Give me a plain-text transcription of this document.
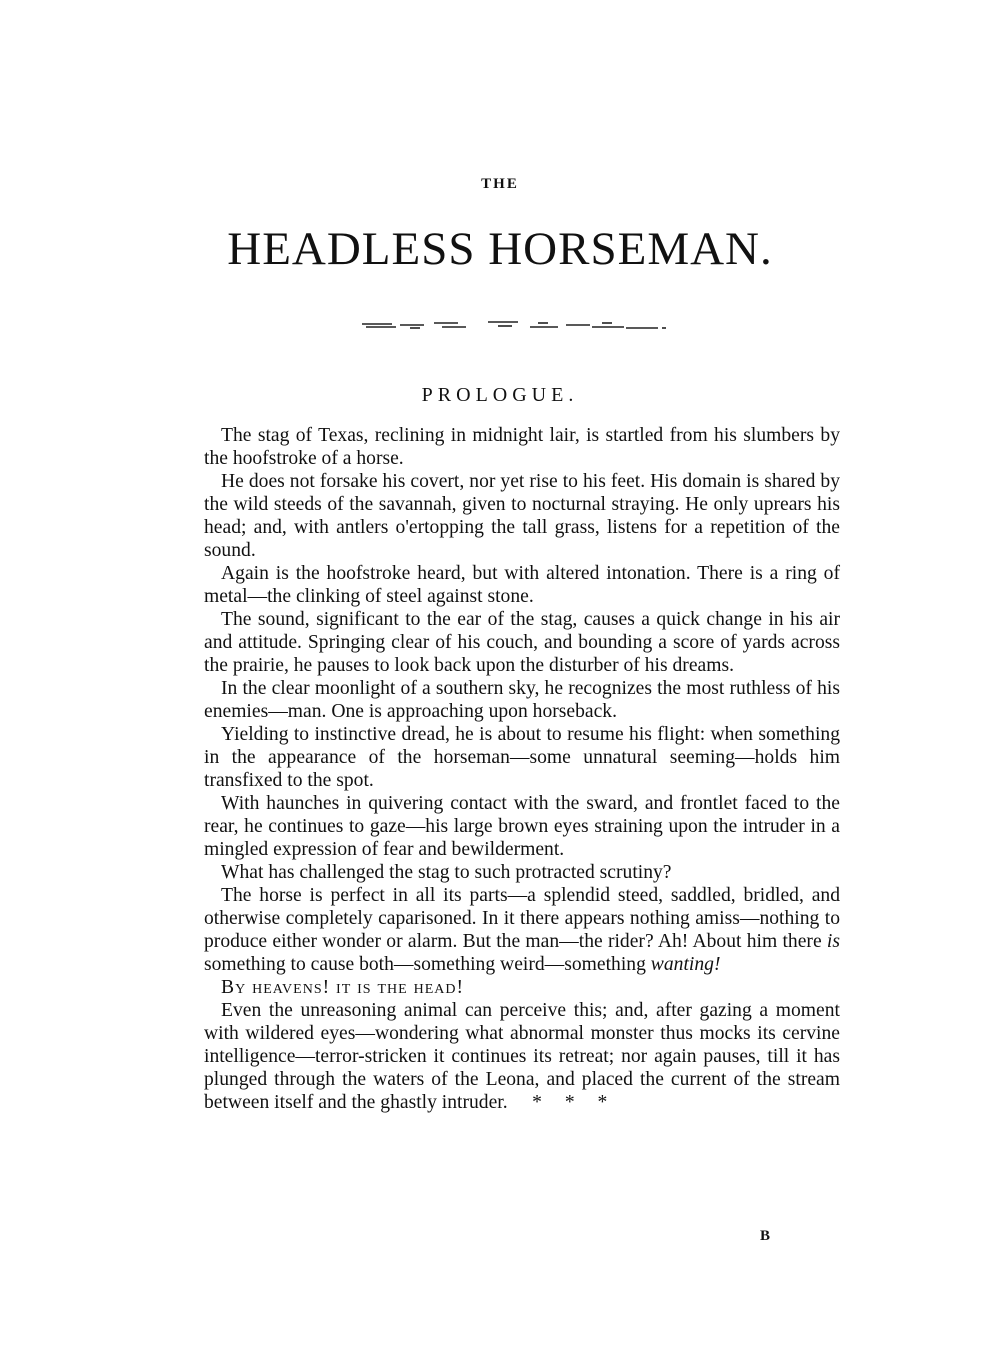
THE
HEADLESS HORSEMAN.
PROLOGUE.

The stag of Texas, reclining in midnight lair, is startled from his slumbers by the hoofstroke of a horse.

He does not forsake his covert, nor yet rise to his feet. His domain is shared by the wild steeds of the savannah, given to nocturnal straying. He only uprears his head; and, with antlers o'ertopping the tall grass, listens for a repetition of the sound.

Again is the hoofstroke heard, but with altered intonation. There is a ring of metal—the clinking of steel against stone.

The sound, significant to the ear of the stag, causes a quick change in his air and attitude. Springing clear of his couch, and bounding a score of yards across the prairie, he pauses to look back upon the disturber of his dreams.

In the clear moonlight of a southern sky, he recognizes the most ruthless of his enemies—man. One is approaching upon horseback.

Yielding to instinctive dread, he is about to resume his flight: when something in the appearance of the horseman—some unnatural seeming—holds him transfixed to the spot.

With haunches in quivering contact with the sward, and frontlet faced to the rear, he continues to gaze—his large brown eyes straining upon the intruder in a mingled expression of fear and bewilderment.

What has challenged the stag to such protracted scrutiny?

The horse is perfect in all its parts—a splendid steed, saddled, bridled, and otherwise completely caparisoned. In it there appears nothing amiss—nothing to produce either wonder or alarm. But the man—the rider? Ah! About him there is something to cause both—something weird—something wanting!

By heavens! it is the head!

Even the unreasoning animal can perceive this; and, after gazing a moment with wildered eyes—wondering what abnormal monster thus mocks its cervine intelligence—terror-stricken it continues its retreat; nor again pauses, till it has plunged through the waters of the Leona, and placed the current of the stream between itself and the ghastly intruder. * * *

B
